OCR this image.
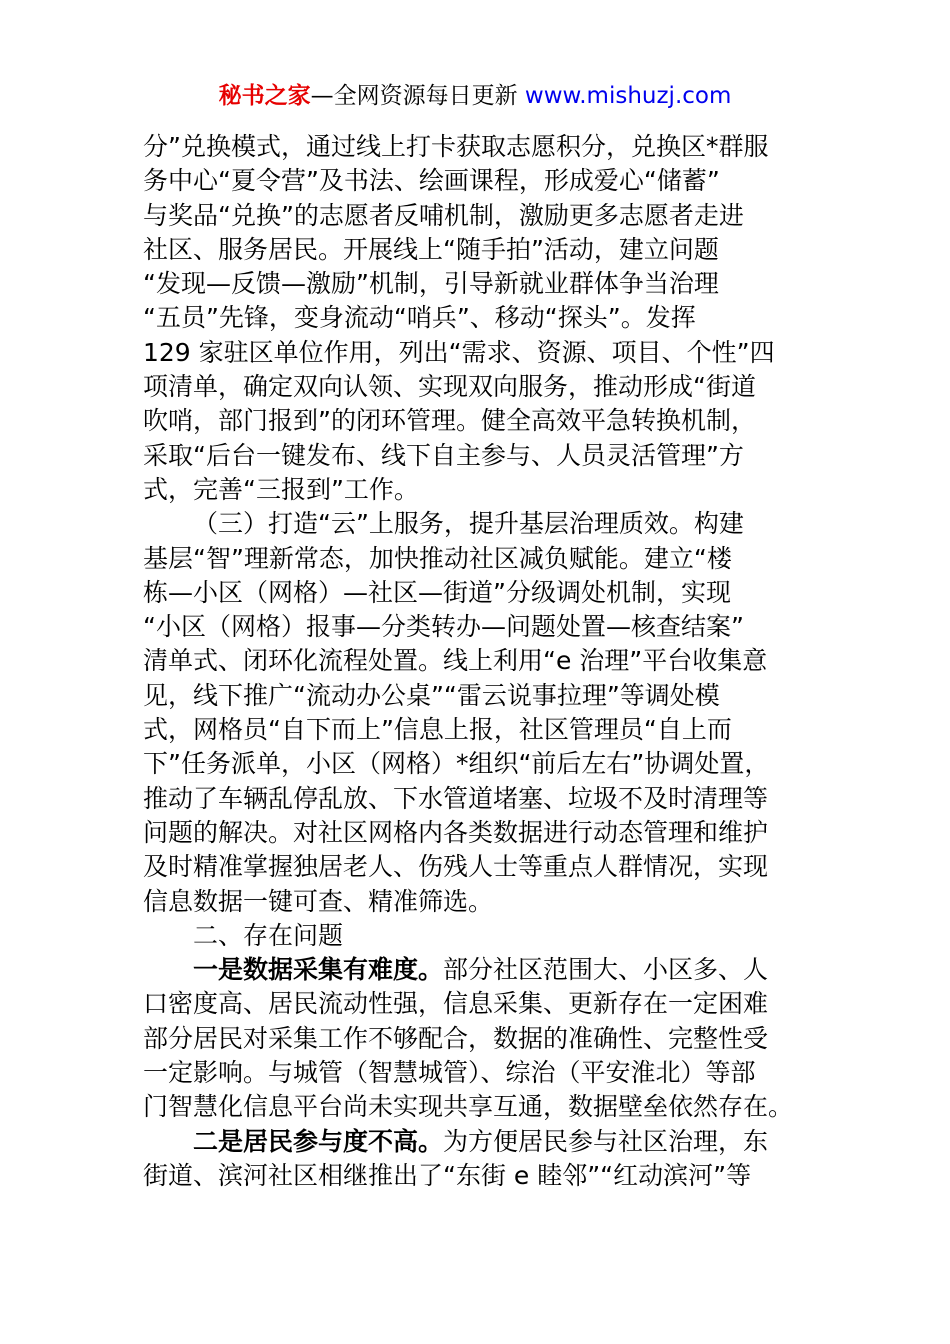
秘书之家—全网资源每日更新 www.mishuzj.com
分”兑换模式，通过线上打卡获取志愿积分，兑换区*群服
务中心“夏令营”及书法、绘画课程，形成爱心“储蓄”
与奖品“兑换”的志愿者反哺机制，激励更多志愿者走进
社区、服务居民。开展线上“随手拍”活动，建立问题
“发现—反馈—激励”机制，引导新就业群体争当治理
“五员”先锋，变身流动“哨兵”、移动“探头”。发挥
129 家驻区单位作用，列出“需求、资源、项目、个性”四
项清单，确定双向认领、实现双向服务，推动形成“街道
吹哨，部门报到”的闭环管理。健全高效平急转换机制，
采取“后台一键发布、线下自主参与、人员灵活管理”方
式，完善“三报到”工作。
（三）打造“云”上服务，提升基层治理质效。构建
基层“智”理新常态，加快推动社区减负赋能。建立“楼
栋—小区（网格）—社区—街道”分级调处机制，实现
“小区（网格）报事—分类转办—问题处置—核查结案”
清单式、闭环化流程处置。线上利用“e 治理”平台收集意
见，线下推广“流动办公桌”“雷云说事拉理”等调处模
式，网格员“自下而上”信息上报，社区管理员“自上而
下”任务派单，小区（网格）*组织“前后左右”协调处置，
推动了车辆乱停乱放、下水管道堵塞、垃圾不及时清理等
问题的解决。对社区网格内各类数据进行动态管理和维护
及时精准掌握独居老人、伤残人士等重点人群情况，实现
信息数据一键可查、精准筛选。
二、存在问题
一是数据采集有难度。部分社区范围大、小区多、人
口密度高、居民流动性强，信息采集、更新存在一定困难
部分居民对采集工作不够配合，数据的准确性、完整性受
一定影响。与城管（智慧城管）、综治（平安淮北）等部
门智慧化信息平台尚未实现共享互通，数据壁垒依然存在。
二是居民参与度不高。为方便居民参与社区治理，东
街道、滨河社区相继推出了“东街 e 睦邻”“红动滨河”等
